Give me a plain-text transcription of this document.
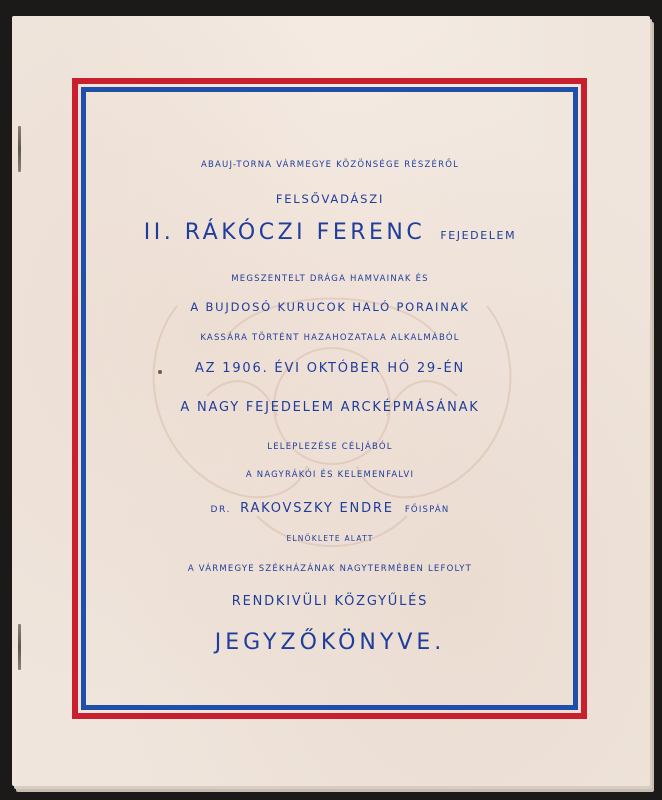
ABAUJ-TORNA VÁRMEGYE KÖZÖNSÉGE RÉSZÉRŐL
FELSŐVADÁSZI
II. RÁKÓCZI FERENC FEJEDELEM
MEGSZENTELT DRÁGA HAMVAINAK ÉS
A BUJDOSÓ KURUCOK HALÓ PORAINAK
KASSÁRA TÖRTÉNT HAZAHOZATALA ALKALMÁBÓL
AZ 1906. ÉVI OKTÓBER HÓ 29-ÉN
A NAGY FEJEDELEM ARCKÉPMÁSÁNAK
LELEPLEZÉSE CÉLJÁBÓL
A NAGYRÁKÓI ÉS KELEMENFALVI
DR. RAKOVSZKY ENDRE FŐISPÁN
ELNÖKLETE ALATT
A VÁRMEGYE SZÉKHÁZÁNAK NAGYTERMÉBEN LEFOLYT
RENDKIVÜLI KÖZGYŰLÉS
JEGYZŐKÖNYVE.
